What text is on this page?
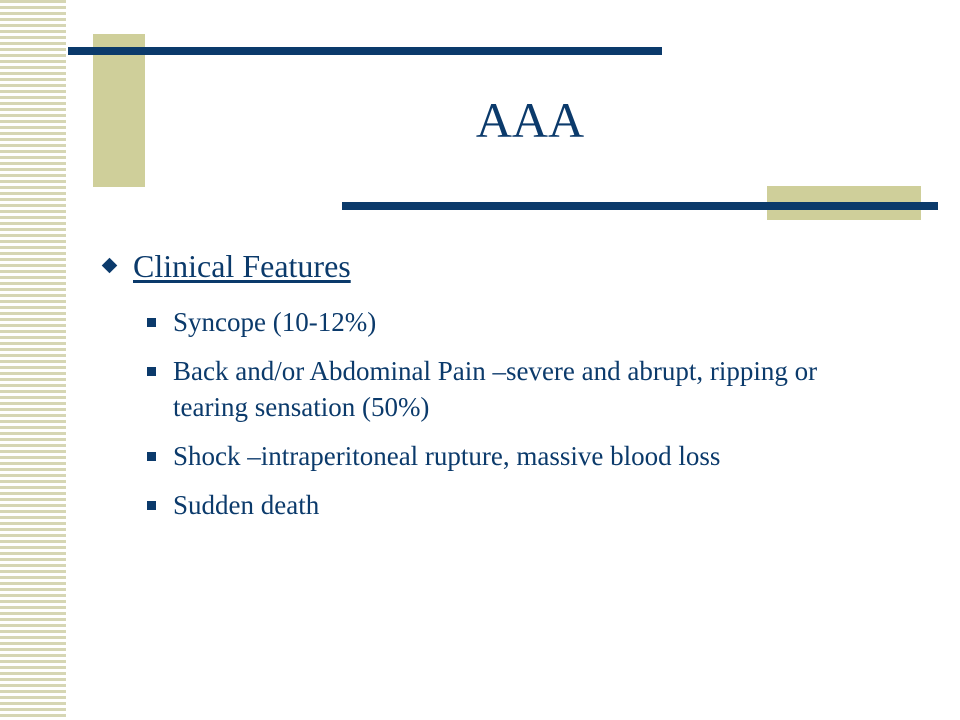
AAA
Clinical Features
Syncope (10-12%)
Back and/or Abdominal Pain –severe and abrupt, ripping or tearing sensation (50%)
Shock –intraperitoneal rupture, massive blood loss
Sudden death
